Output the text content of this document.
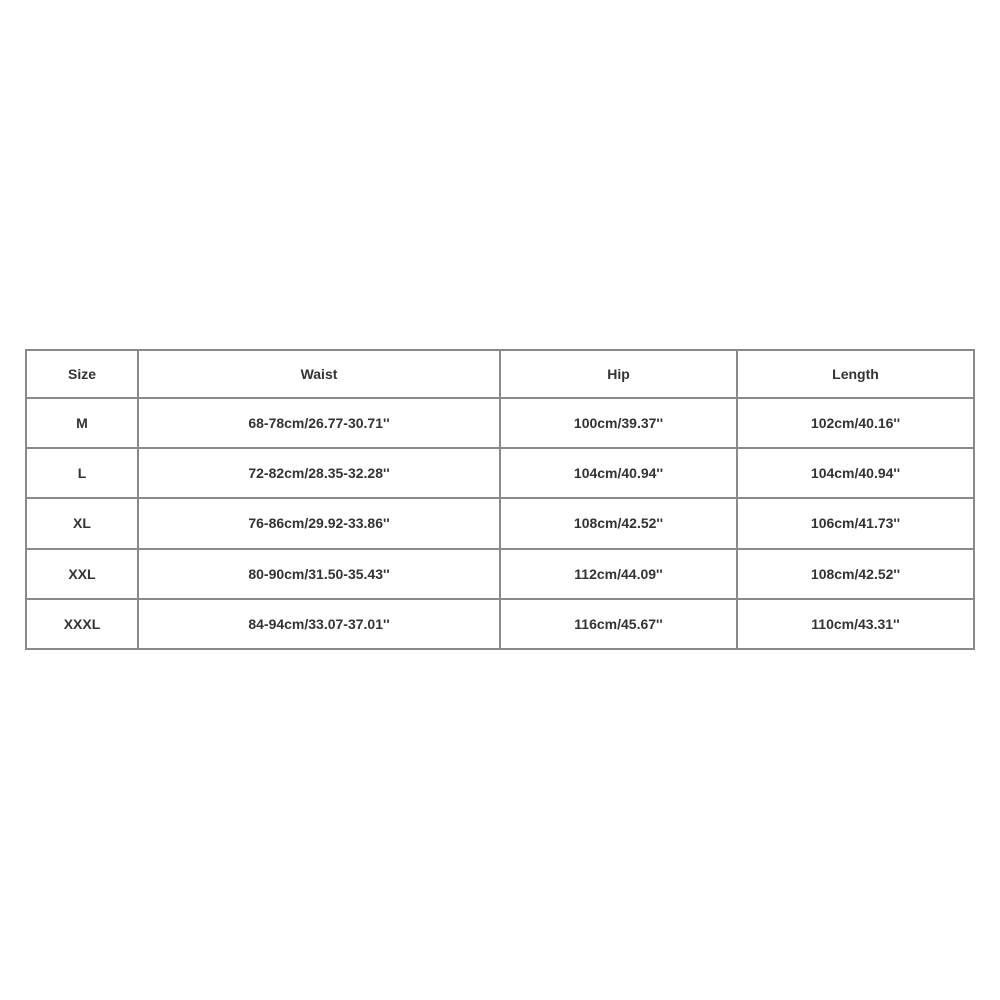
Size	Waist	Hip	Length
M	68-78cm/26.77-30.71''	100cm/39.37''	102cm/40.16''
L	72-82cm/28.35-32.28''	104cm/40.94''	104cm/40.94''
XL	76-86cm/29.92-33.86''	108cm/42.52''	106cm/41.73''
XXL	80-90cm/31.50-35.43''	112cm/44.09''	108cm/42.52''
XXXL	84-94cm/33.07-37.01''	116cm/45.67''	110cm/43.31''
